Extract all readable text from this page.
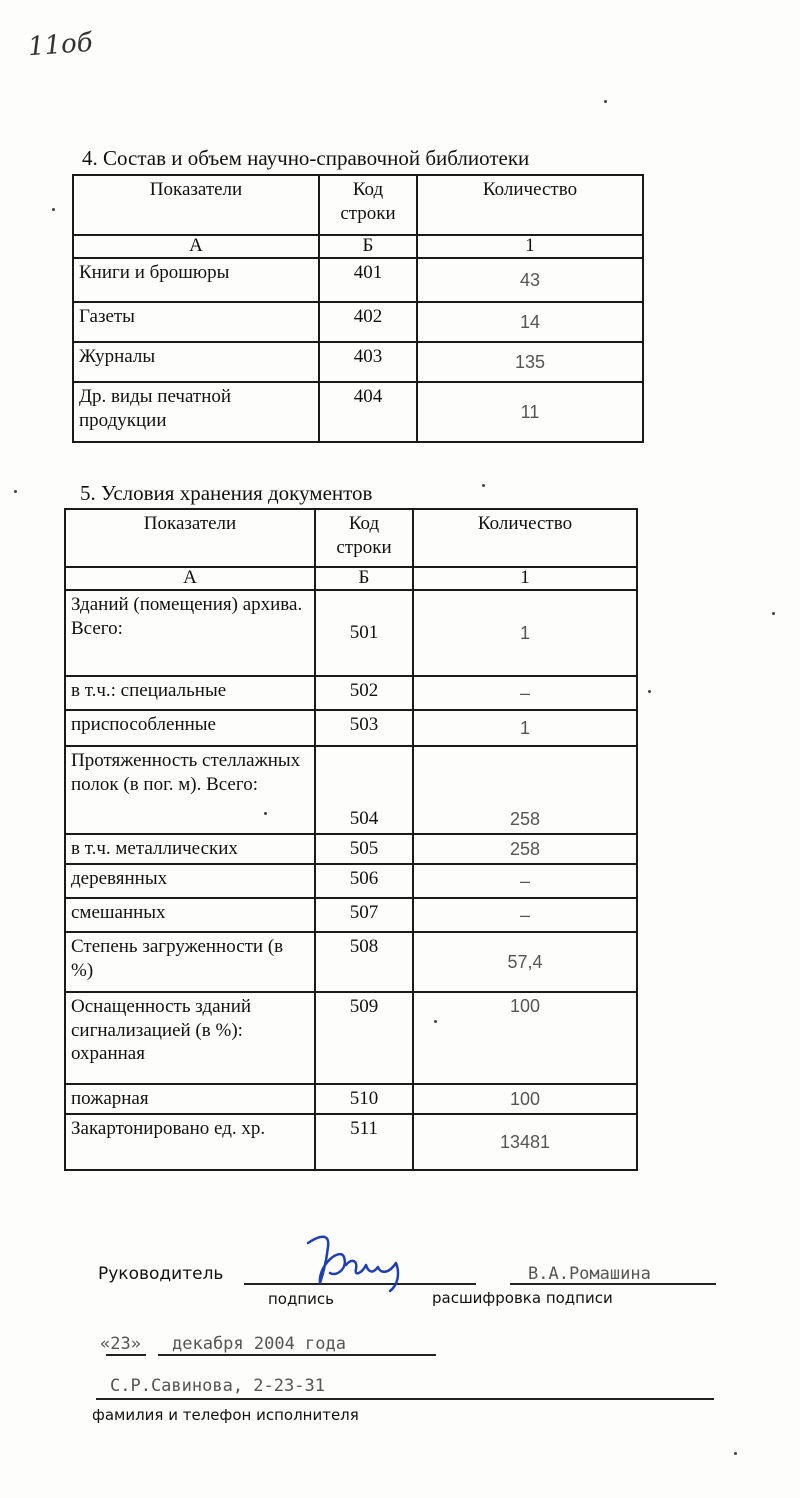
11об
4. Состав и объем научно-справочной библиотеки
Показатели	Код строки	Количество
А	Б	1
Книги и брошюры	401	43
Газеты	402	14
Журналы	403	135
Др. виды печатной продукции	404	11
5. Условия хранения документов
Показатели	Код строки	Количество
А	Б	1
Зданий (помещения) архива. Всего:	501	1
в т.ч.: специальные	502	–
приспособленные	503	1
Протяженность стеллажных полок (в пог. м). Всего:	504	258
в т.ч. металлических	505	258
деревянных	506	–
смешанных	507	–
Степень загруженности (в %)	508	57,4
Оснащенность зданий сигнализацией (в %): охранная	509	100
пожарная	510	100
Закартонировано ед. хр.	511	13481
Руководитель	В.А.Ромашина
подпись	расшифровка подписи
«23» декабря 2004 года
С.Р.Савинова, 2-23-31
фамилия и телефон исполнителя
